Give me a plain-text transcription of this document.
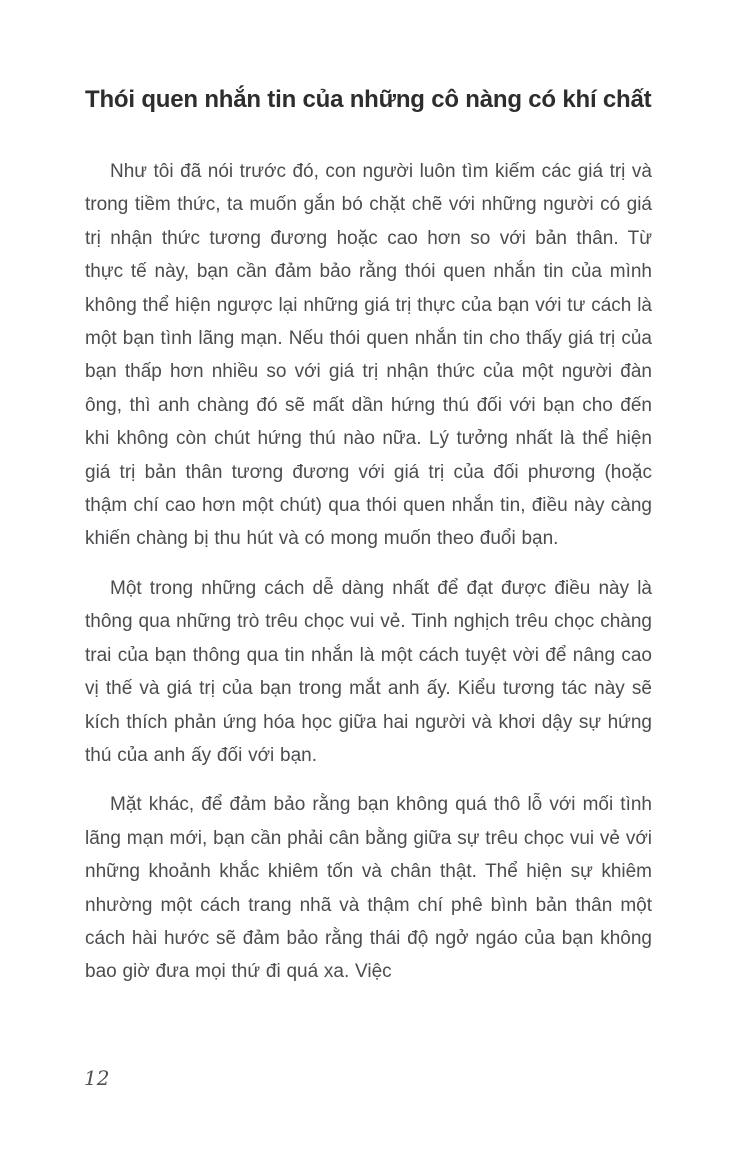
Thói quen nhắn tin của những cô nàng có khí chất

Như tôi đã nói trước đó, con người luôn tìm kiếm các giá trị và trong tiềm thức, ta muốn gắn bó chặt chẽ với những người có giá trị nhận thức tương đương hoặc cao hơn so với bản thân. Từ thực tế này, bạn cần đảm bảo rằng thói quen nhắn tin của mình không thể hiện ngược lại những giá trị thực của bạn với tư cách là một bạn tình lãng mạn. Nếu thói quen nhắn tin cho thấy giá trị của bạn thấp hơn nhiều so với giá trị nhận thức của một người đàn ông, thì anh chàng đó sẽ mất dần hứng thú đối với bạn cho đến khi không còn chút hứng thú nào nữa. Lý tưởng nhất là thể hiện giá trị bản thân tương đương với giá trị của đối phương (hoặc thậm chí cao hơn một chút) qua thói quen nhắn tin, điều này càng khiến chàng bị thu hút và có mong muốn theo đuổi bạn.

Một trong những cách dễ dàng nhất để đạt được điều này là thông qua những trò trêu chọc vui vẻ. Tinh nghịch trêu chọc chàng trai của bạn thông qua tin nhắn là một cách tuyệt vời để nâng cao vị thế và giá trị của bạn trong mắt anh ấy. Kiểu tương tác này sẽ kích thích phản ứng hóa học giữa hai người và khơi dậy sự hứng thú của anh ấy đối với bạn.

Mặt khác, để đảm bảo rằng bạn không quá thô lỗ với mối tình lãng mạn mới, bạn cần phải cân bằng giữa sự trêu chọc vui vẻ với những khoảnh khắc khiêm tốn và chân thật. Thể hiện sự khiêm nhường một cách trang nhã và thậm chí phê bình bản thân một cách hài hước sẽ đảm bảo rằng thái độ ngở ngáo của bạn không bao giờ đưa mọi thứ đi quá xa. Việc

12
